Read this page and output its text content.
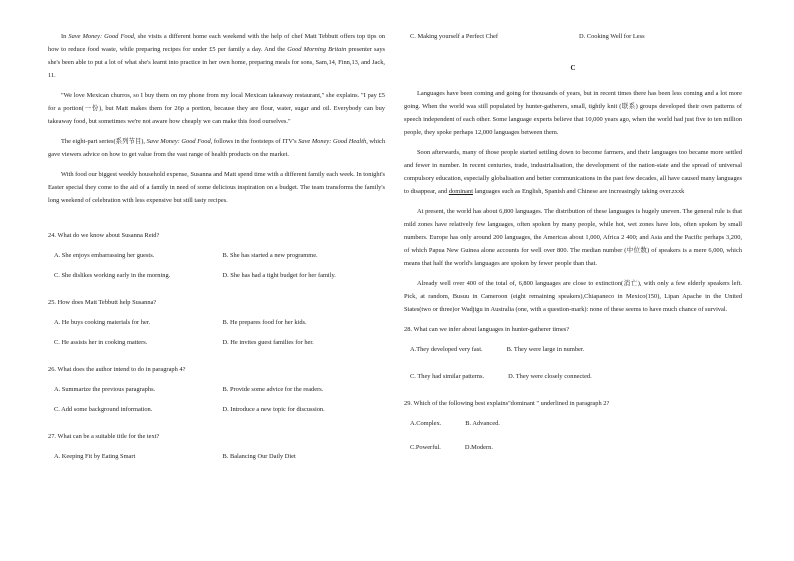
In Save Money: Good Food, she visits a different home each weekend with the help of chef Matt Tebbutt offers top tips on how to reduce food waste, while preparing recipes for under £5 per family a day. And the Good Morning Britain presenter says she's been able to put a lot of what she's learnt into practice in her own home, preparing meals for sons, Sam,14, Finn,13, and Jack, 11.

"We love Mexican churros, so I buy them on my phone from my local Mexican takeaway restaurant," she explains. "I pay £5 for a portion(一份), but Matt makes them for 26p a portion, because they are flour, water, sugar and oil. Everybody can buy takeaway food, but sometimes we're not aware how cheaply we can make this food ourselves."

The eight-part series(系列节目), Save Money: Good Food, follows in the footsteps of ITV's Save Money: Good Health, which gave viewers advice on how to get value from the vast range of health products on the market.

With food our biggest weekly household expense, Susanna and Matt spend time with a different family each week. In tonight's Easter special they come to the aid of a family in need of some delicious inspiration on a budget. The team transforms the family's long weekend of celebration with less expensive but still tasty recipes.

24. What do we know about Susanna Reid?
A. She enjoys embarrassing her guests.	B. She has started a new programme.
C. She dislikes working early in the morning.	D. She has had a tight budget for her family.
25. How does Matt Tebbutt help Susanna?
A. He buys cooking materials for her.	B. He prepares food for her kids.
C. He assists her in cooking matters.	D. He invites guest families for her.
26. What does the author intend to do in paragraph 4?
A. Summarize the previous paragraphs.	B. Provide some advice for the readers.
C. Add some background information.	D. Introduce a new topic for discussion.
27. What can be a suitable title for the text?
A. Keeping Fit by Eating Smart	B. Balancing Our Daily Diet
C. Making yourself a Perfect Chef	D. Cooking Well for Less
C

Languages have been coming and going for thousands of years, but in recent times there has been less coming and a lot more going. When the world was still populated by hunter-gatherers, small, tightly knit (联系) groups developed their own patterns of speech independent of each other. Some language experts believe that 10,000 years ago, when the world had just five to ten million people, they spoke perhaps 12,000 languages between them.

Soon afterwards, many of those people started settling down to become farmers, and their languages too became more settled and fewer in number. In recent centuries, trade, industrialisation, the development of the nation-state and the spread of universal compulsory education, especially globalisation and better communications in the past few decades, all have caused many languages to disappear, and dominant languages such as English, Spanish and Chinese are increasingly taking over.zxxk

At present, the world has about 6,800 languages. The distribution of these languages is hugely uneven. The general rule is that mild zones have relatively few languages, often spoken by many people, while hot, wet zones have lots, often spoken by small numbers. Europe has only around 200 languages, the Americas about 1,000, Africa 2 400; and Asia and the Pacific perhaps 3,200, of which Papua New Guinea alone accounts for well over 800. The median number (中位数) of speakers is a mere 6,000, which means that half the world's languages are spoken by fewer people than that.

Already well over 400 of the total of, 6,800 languages are close to extinction(消亡), with only a few elderly speakers left. Pick, at random, Busuu in Cameroon (eight remaining speakers),Chiapaneco in Mexico(150), Lipan Apache in the United States(two or three)or Wadjigu in Australia (one, with a question-mark): none of these seems to have much chance of survival.

28. What can we infer about languages in hunter-gatherer times?
A.They developed very fast.	B. They were large in number.
C. They had similar patterns.	D. They were closely connected.
29. Which of the following best explains"dominant " underlined in paragraph 2?
A.Complex.	B. Advanced.
C.Powerful.	D.Modern.
